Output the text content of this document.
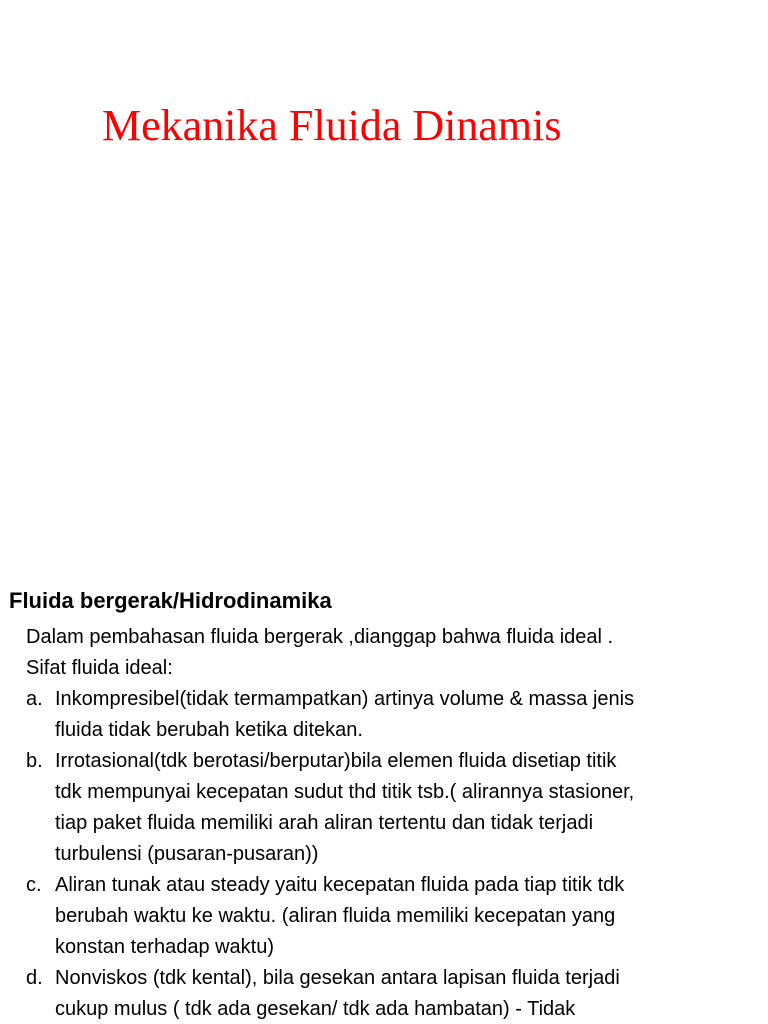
Mekanika Fluida Dinamis
Fluida bergerak/Hidrodinamika

Dalam pembahasan fluida bergerak ,dianggap bahwa fluida ideal .

Sifat fluida ideal:

a. Inkompresibel(tidak termampatkan) artinya volume & massa jenis
fluida tidak berubah ketika ditekan.
b. Irrotasional(tdk berotasi/berputar)bila elemen fluida disetiap titik
tdk mempunyai kecepatan sudut thd titik tsb.( alirannya stasioner,
tiap paket fluida memiliki arah aliran tertentu dan tidak terjadi
turbulensi (pusaran-pusaran))
c. Aliran tunak atau steady yaitu kecepatan fluida pada tiap titik tdk
berubah waktu ke waktu. (aliran fluida memiliki kecepatan yang
konstan terhadap waktu)
d. Nonviskos (tdk kental), bila gesekan antara lapisan fluida terjadi
cukup mulus ( tdk ada gesekan/ tdk ada hambatan) - Tidak
